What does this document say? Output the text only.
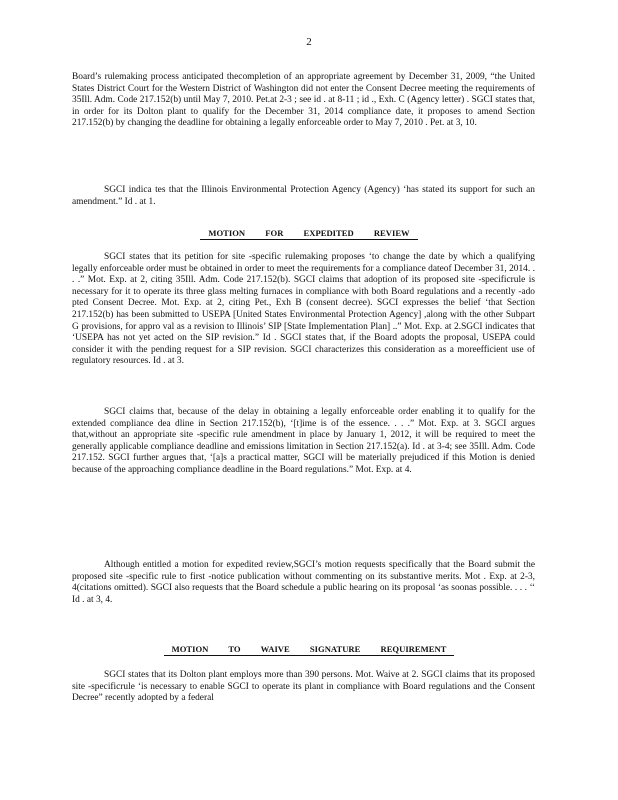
2

Board’s rulemaking process anticipated thecompletion of an appropriate agreement by December 31, 2009, “the United States District Court for the Western District of Washington did not enter the Consent Decree meeting the requirements of 35Ill. Adm. Code 217.152(b) until May 7, 2010. Pet.at 2-3 ; see id . at 8-11 ; id ., Exh. C (Agency letter) . SGCI states that, in order for its Dolton plant to qualify for the December 31, 2014 compliance date, it proposes to amend Section 217.152(b) by changing the deadline for obtaining a legally enforceable order to May 7, 2010 . Pet. at 3, 10.

SGCI indica tes that the Illinois Environmental Protection Agency (Agency) ‘has stated its support for such an amendment.” Id . at 1.

MOTION FOR EXPEDITED REVIEW

SGCI states that its petition for site -specific rulemaking proposes ‘to change the date by which a qualifying legally enforceable order must be obtained in order to meet the requirements for a compliance dateof December 31, 2014. . . .” Mot. Exp. at 2, citing 35Ill. Adm. Code 217.152(b). SGCI claims that adoption of its proposed site -specificrule is necessary for it to operate its three glass melting furnaces in compliance with both Board regulations and a recently -ado pted Consent Decree. Mot. Exp. at 2, citing Pet., Exh B (consent decree). SGCI expresses the belief ‘that Section 217.152(b) has been submitted to USEPA [United States Environmental Protection Agency] ,along with the other Subpart G provisions, for appro val as a revision to Illinois’ SIP [State Implementation Plan] ..” Mot. Exp. at 2.SGCI indicates that ‘USEPA has not yet acted on the SIP revision.” Id . SGCI states that, if the Board adopts the proposal, USEPA could consider it with the pending request for a SIP revision. SGCI characterizes this consideration as a moreefficient use of regulatory resources. Id . at 3.

SGCI claims that, because of the delay in obtaining a legally enforceable order enabling it to qualify for the extended compliance dea dline in Section 217.152(b), ‘[t]ime is of the essence. . . .” Mot. Exp. at 3. SGCI argues that,without an appropriate site -specific rule amendment in place by January 1, 2012, it will be required to meet the generally applicable compliance deadline and emissions limitation in Section 217.152(a). Id . at 3-4; see 35Ill. Adm. Code 217.152. SGCI further argues that, ‘[a]s a practical matter, SGCI will be materially prejudiced if this Motion is denied because of the approaching compliance deadline in the Board regulations.” Mot. Exp. at 4.

Although entitled a motion for expedited review,SGCI’s motion requests specifically that the Board submit the proposed site -specific rule to first -notice publication without commenting on its substantive merits. Mot . Exp. at 2-3, 4(citations omitted). SGCI also requests that the Board schedule a public hearing on its proposal ‘as soonas possible. . . . ‘‘ Id . at 3, 4.

MOTION TO WAIVE SIGNATURE REQUIREMENT

SGCI states that its Dolton plant employs more than 390 persons. Mot. Waive at 2. SGCI claims that its proposed site -specificrule ‘is necessary to enable SGCI to operate its plant in compliance with Board regulations and the Consent Decree” recently adopted by a federal
